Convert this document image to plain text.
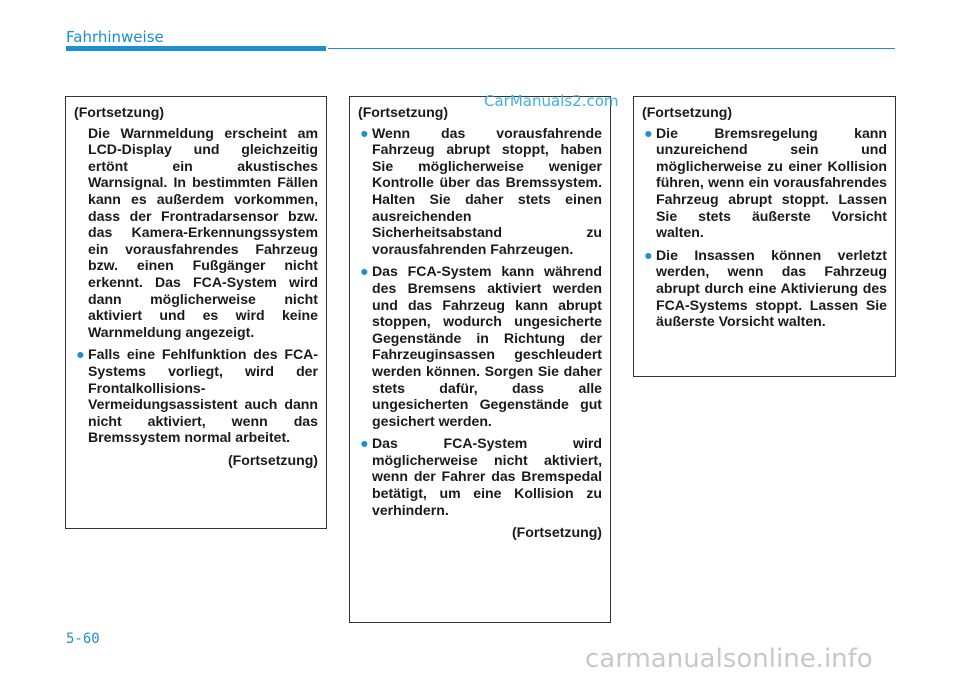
Fahrhinweise
(Fortsetzung)
Die Warnmeldung erscheint am LCD-Display und gleichzeitig ertönt ein akustisches Warnsignal. In bestimmten Fällen kann es außerdem vorkommen, dass der Frontradarsensor bzw. das Kamera-Erkennungssystem ein vorausfahrendes Fahrzeug bzw. einen Fußgänger nicht erkennt. Das FCA-System wird dann möglicherweise nicht aktiviert und es wird keine Warnmeldung angezeigt.
● Falls eine Fehlfunktion des FCA-Systems vorliegt, wird der Frontalkollisions-Vermeidungsassistent auch dann nicht aktiviert, wenn das Bremssystem normal arbeitet.
(Fortsetzung)
(Fortsetzung)
● Wenn das vorausfahrende Fahrzeug abrupt stoppt, haben Sie möglicherweise weniger Kontrolle über das Bremssystem. Halten Sie daher stets einen ausreichenden Sicherheitsabstand zu vorausfahrenden Fahrzeugen.
● Das FCA-System kann während des Bremsens aktiviert werden und das Fahrzeug kann abrupt stoppen, wodurch ungesicherte Gegenstände in Richtung der Fahrzeuginsassen geschleudert werden können. Sorgen Sie daher stets dafür, dass alle ungesicherten Gegenstände gut gesichert werden.
● Das FCA-System wird möglicherweise nicht aktiviert, wenn der Fahrer das Bremspedal betätigt, um eine Kollision zu verhindern.
(Fortsetzung)
(Fortsetzung)
● Die Bremsregelung kann unzureichend sein und möglicherweise zu einer Kollision führen, wenn ein vorausfahrendes Fahrzeug abrupt stoppt. Lassen Sie stets äußerste Vorsicht walten.
● Die Insassen können verletzt werden, wenn das Fahrzeug abrupt durch eine Aktivierung des FCA-Systems stoppt. Lassen Sie äußerste Vorsicht walten.
CarManuals2.com
5-60
carmanualsonline.info
